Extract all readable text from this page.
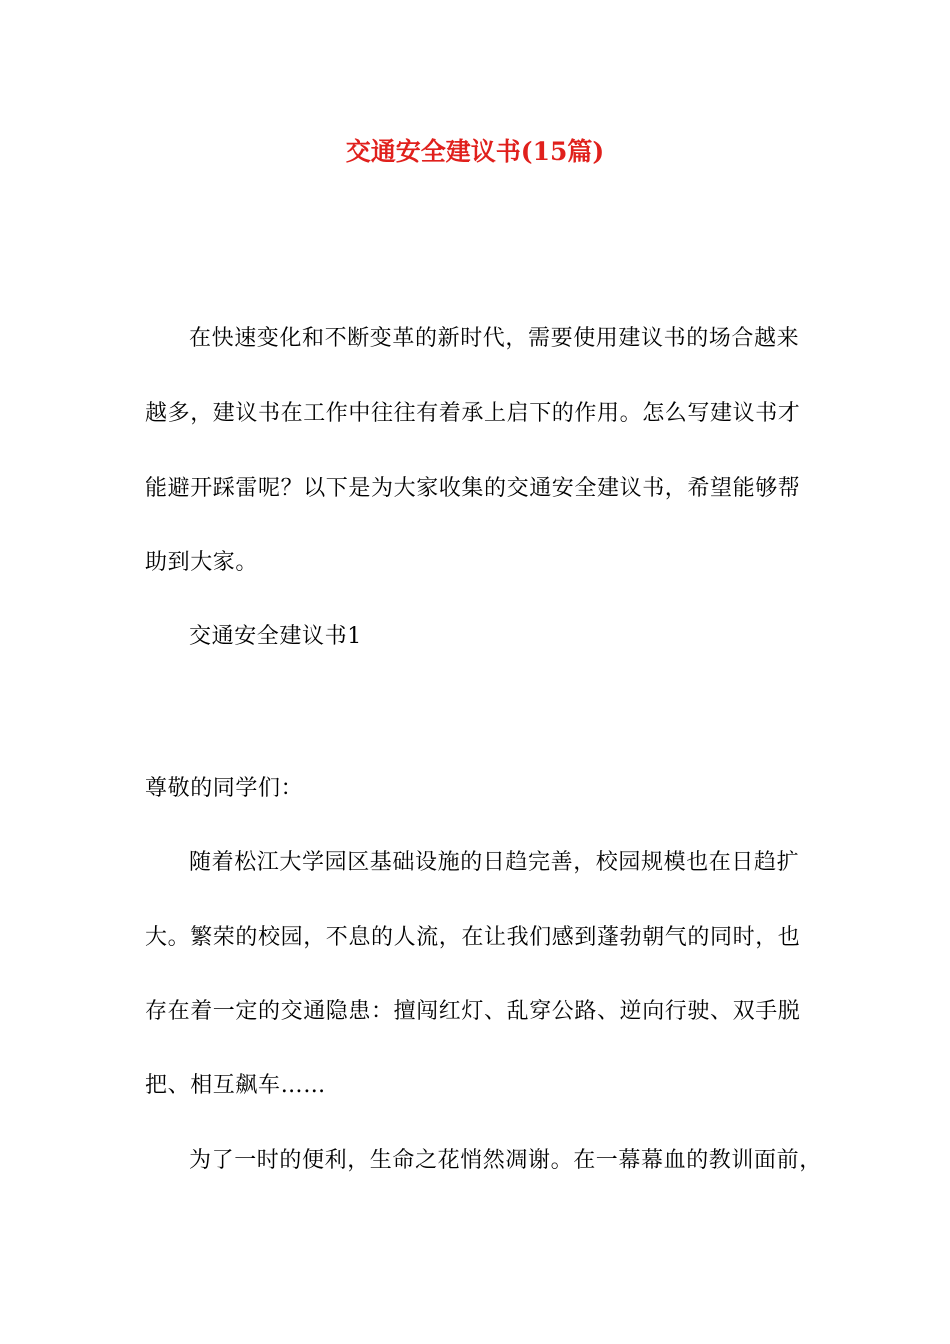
交通安全建议书(15篇)
在快速变化和不断变革的新时代，需要使用建议书的场合越来
越多，建议书在工作中往往有着承上启下的作用。怎么写建议书才
能避开踩雷呢？以下是为大家收集的交通安全建议书，希望能够帮
助到大家。
交通安全建议书1
尊敬的同学们：
随着松江大学园区基础设施的日趋完善，校园规模也在日趋扩
大。繁荣的校园，不息的人流，在让我们感到蓬勃朝气的同时，也
存在着一定的交通隐患：擅闯红灯、乱穿公路、逆向行驶、双手脱
把、相互飙车……
为了一时的便利，生命之花悄然凋谢。在一幕幕血的教训面前，
